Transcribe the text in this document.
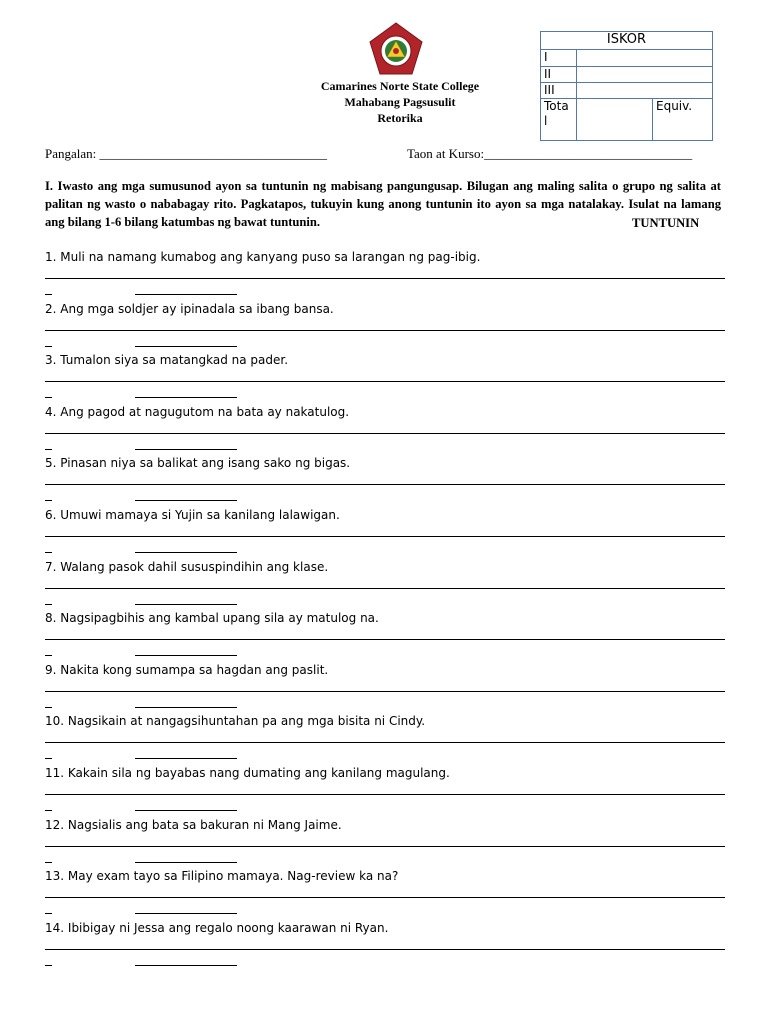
Camarines Norte State College
Mahabang Pagsusulit
Retorika
ISKOR		
I		
II		
III		
Tota l		Equiv.
Pangalan: ___________________________________	Taon at Kurso:________________________________
I. Iwasto ang mga sumusunod ayon sa tuntunin ng mabisang pangungusap. Bilugan ang maling salita o grupo ng salita at palitan ng wasto o nababagay rito. Pagkatapos, tukuyin kung anong tuntunin ito ayon sa mga natalakay. Isulat na lamang ang bilang 1-6 bilang katumbas ng bawat tuntunin.	TUNTUNIN
1. Muli na namang kumabog ang kanyang puso sa larangan ng pag-ibig.
2. Ang mga soldjer ay ipinadala sa ibang bansa.
3. Tumalon siya sa matangkad na pader.
4. Ang pagod at nagugutom na bata ay nakatulog.
5. Pinasan niya sa balikat ang isang sako ng bigas.
6. Umuwi mamaya si Yujin sa kanilang lalawigan.
7. Walang pasok dahil sususpindihin ang klase.
8. Nagsipagbihis ang kambal upang sila ay matulog na.
9. Nakita kong sumampa sa hagdan ang paslit.
10. Nagsikain at nangagsihuntahan pa ang mga bisita ni Cindy.
11. Kakain sila ng bayabas nang dumating ang kanilang magulang.
12. Nagsialis ang bata sa bakuran ni Mang Jaime.
13. May exam tayo sa Filipino mamaya. Nag-review ka na?
14. Ibibigay ni Jessa ang regalo noong kaarawan ni Ryan.
